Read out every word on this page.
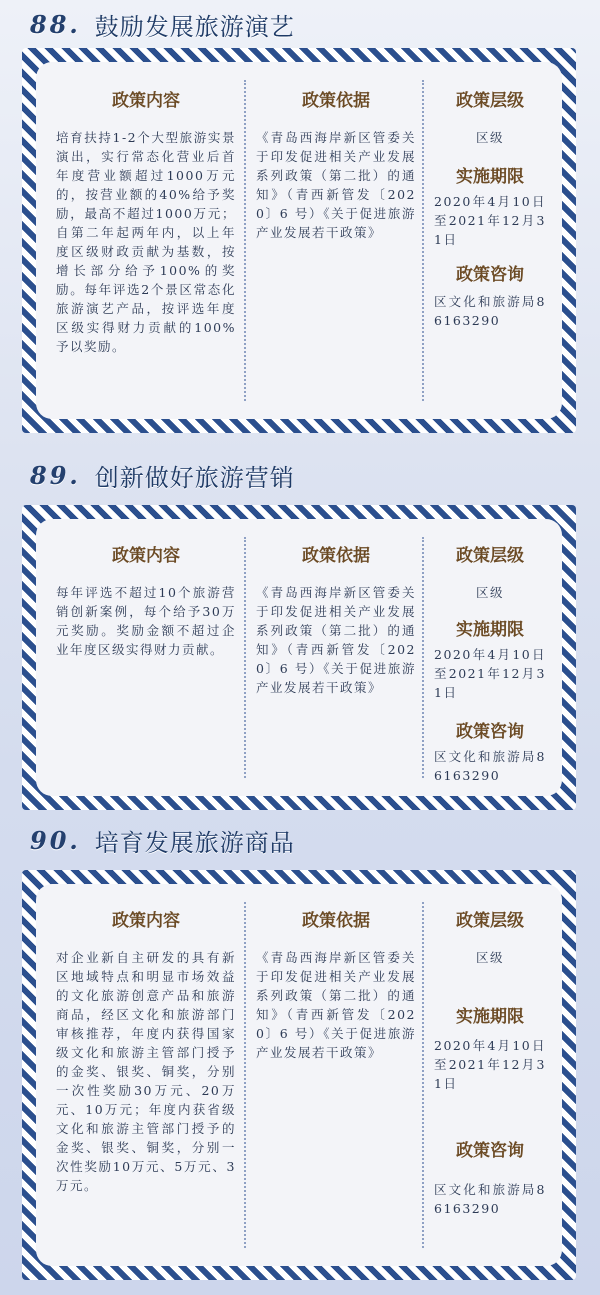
88. 鼓励发展旅游演艺
政策内容
培育扶持1-2个大型旅游实景演出，实行常态化营业后首年度营业额超过1000万元的，按营业额的40%给予奖励，最高不超过1000万元；自第二年起两年内，以上年度区级财政贡献为基数，按增长部分给予100%的奖励。每年评选2个景区常态化旅游演艺产品，按评选年度区级实得财力贡献的100%予以奖励。
政策依据
《青岛西海岸新区管委关于印发促进相关产业发展系列政策（第二批）的通知》（青西新管发〔2020〕6 号）《关于促进旅游产业发展若干政策》
政策层级
区级
实施期限
2020年4月10日至2021年12月31日
政策咨询
区文化和旅游局86163290
89. 创新做好旅游营销
政策内容
每年评选不超过10个旅游营销创新案例，每个给予30万元奖励。奖励金额不超过企业年度区级实得财力贡献。
政策依据
《青岛西海岸新区管委关于印发促进相关产业发展系列政策（第二批）的通知》（青西新管发〔2020〕6 号）《关于促进旅游产业发展若干政策》
政策层级
区级
实施期限
2020年4月10日至2021年12月31日
政策咨询
区文化和旅游局86163290
90. 培育发展旅游商品
政策内容
对企业新自主研发的具有新区地域特点和明显市场效益的文化旅游创意产品和旅游商品，经区文化和旅游部门审核推荐，年度内获得国家级文化和旅游主管部门授予的金奖、银奖、铜奖，分别一次性奖励30万元、20万元、10万元；年度内获省级文化和旅游主管部门授予的金奖、银奖、铜奖，分别一次性奖励10万元、5万元、3万元。
政策依据
《青岛西海岸新区管委关于印发促进相关产业发展系列政策（第二批）的通知》（青西新管发〔2020〕6 号）《关于促进旅游产业发展若干政策》
政策层级
区级
实施期限
2020年4月10日至2021年12月31日
政策咨询
区文化和旅游局86163290
